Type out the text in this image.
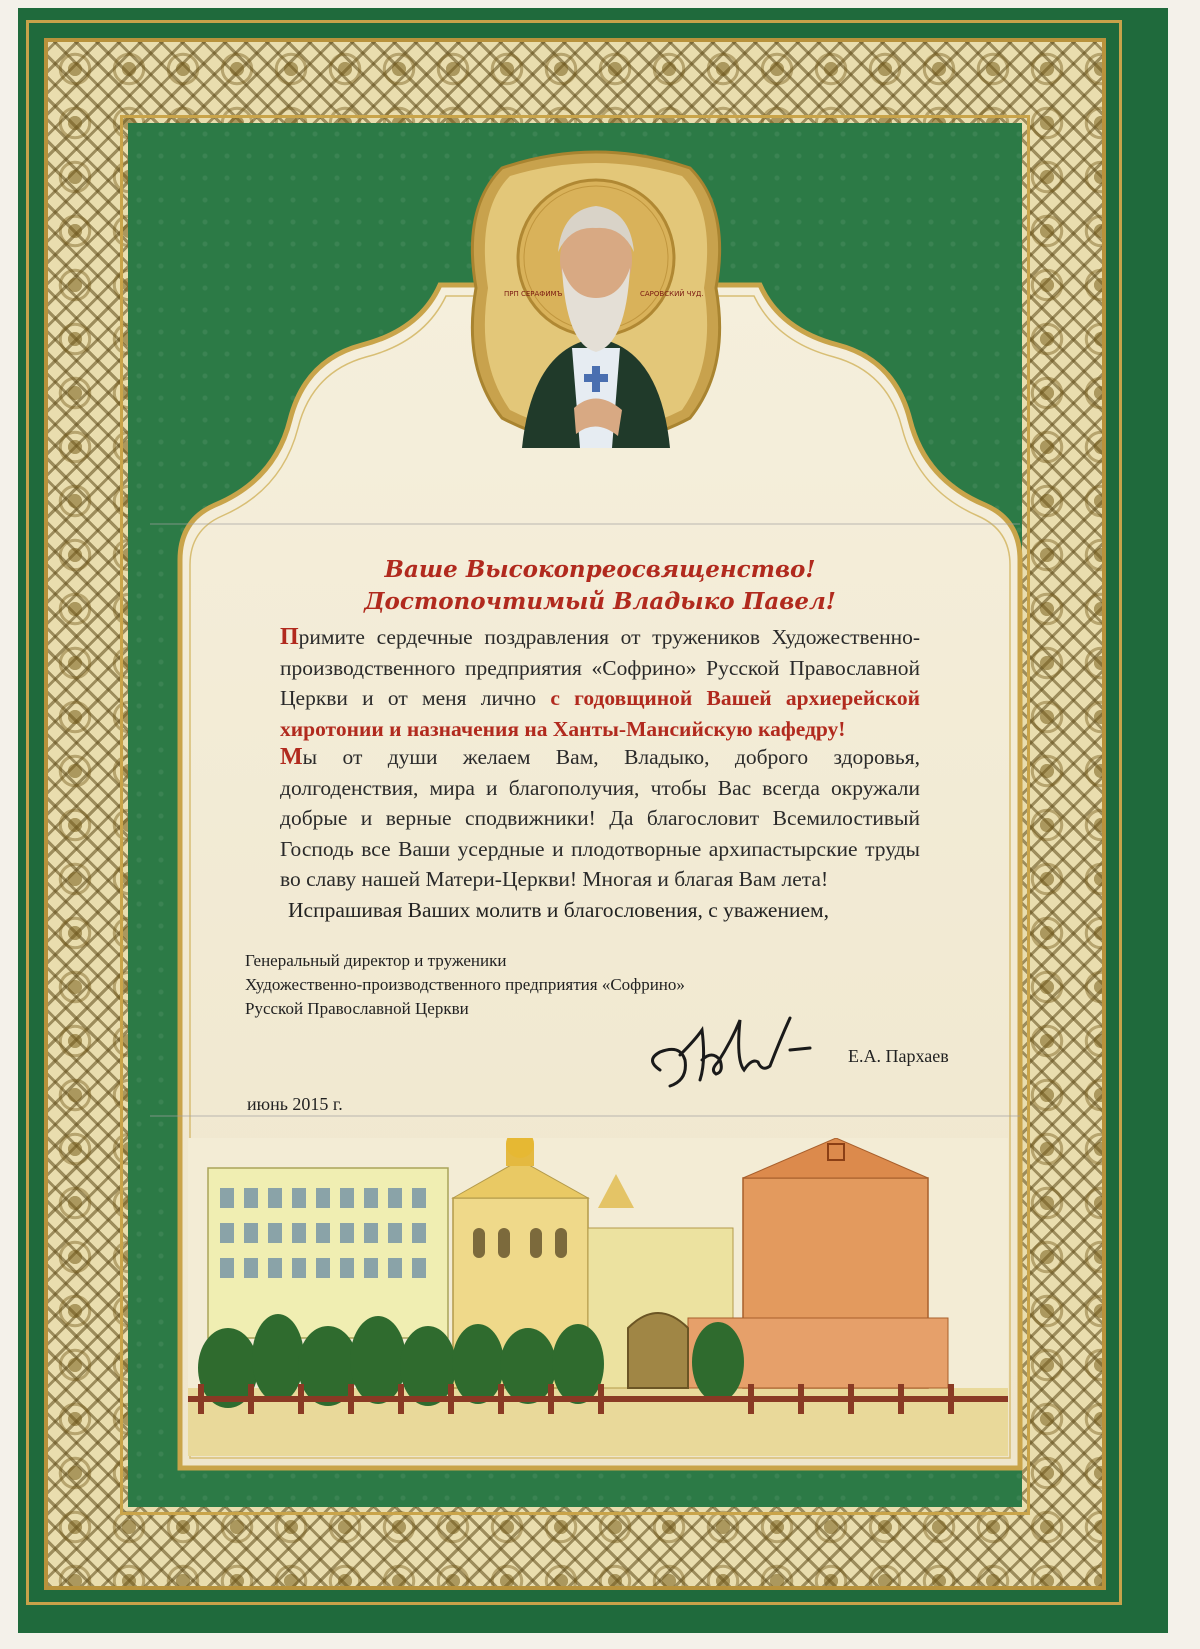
ПРП СЕРАФИМЪ	САРОВСКИЙ ЧУД.

Ваше Высокопреосвященство!

Достопочтимый Владыко Павел!

Примите сердечные поздравления от тружеников Художественно-производственного предприятия «Софрино» Русской Православной Церкви и от меня лично с годовщиной Вашей архиерейской хиротонии и назначения на Ханты-Мансийскую кафедру!

Мы от души желаем Вам, Владыко, доброго здоровья, долгоденствия, мира и благополучия, чтобы Вас всегда окружали добрые и верные сподвижники! Да благословит Всемилостивый Господь все Ваши усердные и плодотворные архипастырские труды во славу нашей Матери-Церкви! Многая и благая Вам лета!

Испрашивая Ваших молитв и благословения, с уважением,

Генеральный директор и труженики

Художественно-производственного предприятия «Софрино»

Русской Православной Церкви

Е.А. Пархаев

июнь 2015 г.
